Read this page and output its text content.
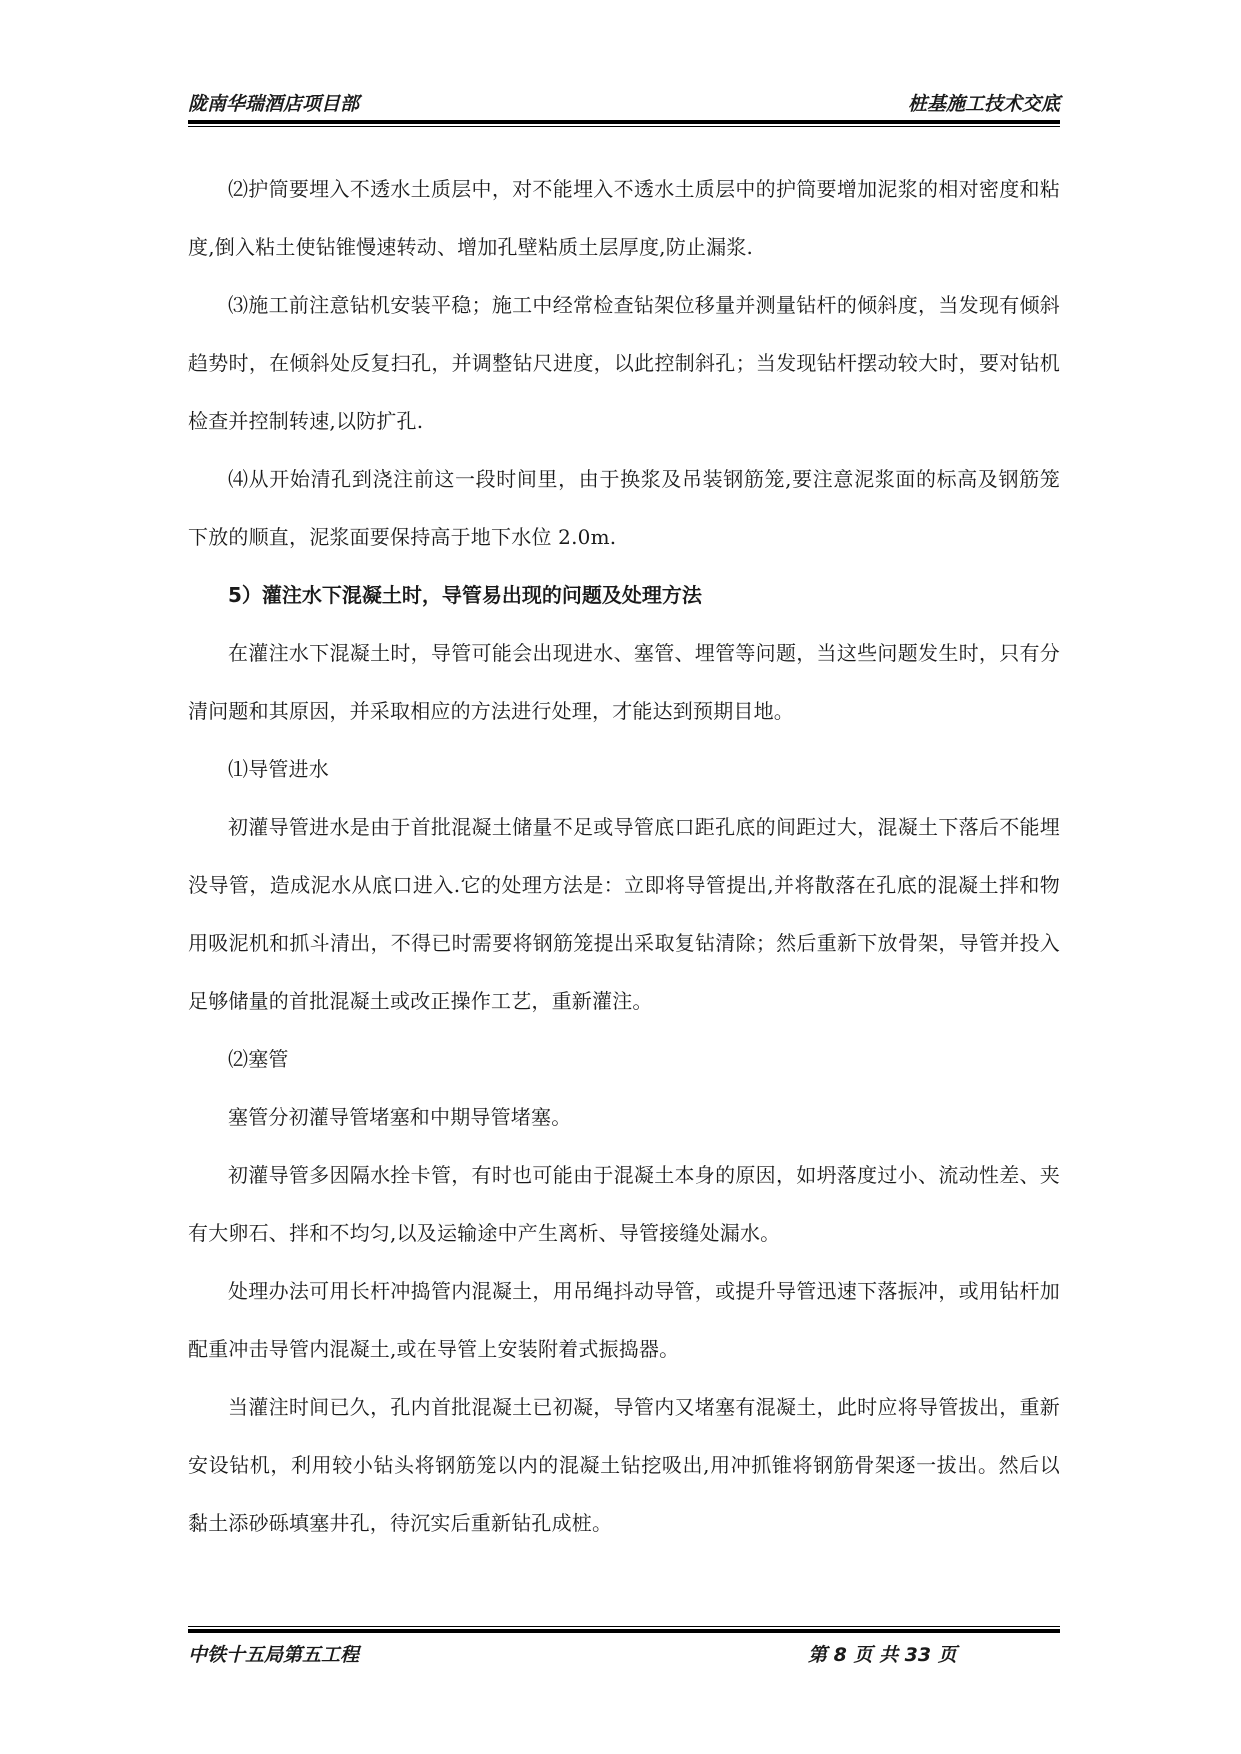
陇南华瑞酒店项目部	桩基施工技术交底

⑵护筒要埋入不透水土质层中，对不能埋入不透水土质层中的护筒要增加泥浆的相对密度和粘度,倒入粘土使钻锥慢速转动、增加孔壁粘质土层厚度,防止漏浆.

⑶施工前注意钻机安装平稳；施工中经常检查钻架位移量并测量钻杆的倾斜度，当发现有倾斜趋势时，在倾斜处反复扫孔，并调整钻尺进度，以此控制斜孔；当发现钻杆摆动较大时，要对钻机检查并控制转速,以防扩孔.

⑷从开始清孔到浇注前这一段时间里，由于换浆及吊装钢筋笼,要注意泥浆面的标高及钢筋笼下放的顺直，泥浆面要保持高于地下水位 2.0m.

5）灌注水下混凝土时，导管易出现的问题及处理方法

在灌注水下混凝土时，导管可能会出现进水、塞管、埋管等问题，当这些问题发生时，只有分清问题和其原因，并采取相应的方法进行处理，才能达到预期目地。

⑴导管进水

初灌导管进水是由于首批混凝土储量不足或导管底口距孔底的间距过大，混凝土下落后不能埋没导管，造成泥水从底口进入.它的处理方法是：立即将导管提出,并将散落在孔底的混凝土拌和物用吸泥机和抓斗清出，不得已时需要将钢筋笼提出采取复钻清除；然后重新下放骨架，导管并投入足够储量的首批混凝土或改正操作工艺，重新灌注。

⑵塞管

塞管分初灌导管堵塞和中期导管堵塞。

初灌导管多因隔水拴卡管，有时也可能由于混凝土本身的原因，如坍落度过小、流动性差、夹有大卵石、拌和不均匀,以及运输途中产生离析、导管接缝处漏水。

处理办法可用长杆冲捣管内混凝土，用吊绳抖动导管，或提升导管迅速下落振冲，或用钻杆加配重冲击导管内混凝土,或在导管上安装附着式振捣器。

当灌注时间已久，孔内首批混凝土已初凝，导管内又堵塞有混凝土，此时应将导管拔出，重新安设钻机，利用较小钻头将钢筋笼以内的混凝土钻挖吸出,用冲抓锥将钢筋骨架逐一拔出。然后以黏土添砂砾填塞井孔，待沉实后重新钻孔成桩。

中铁十五局第五工程	第 8 页 共 33 页
